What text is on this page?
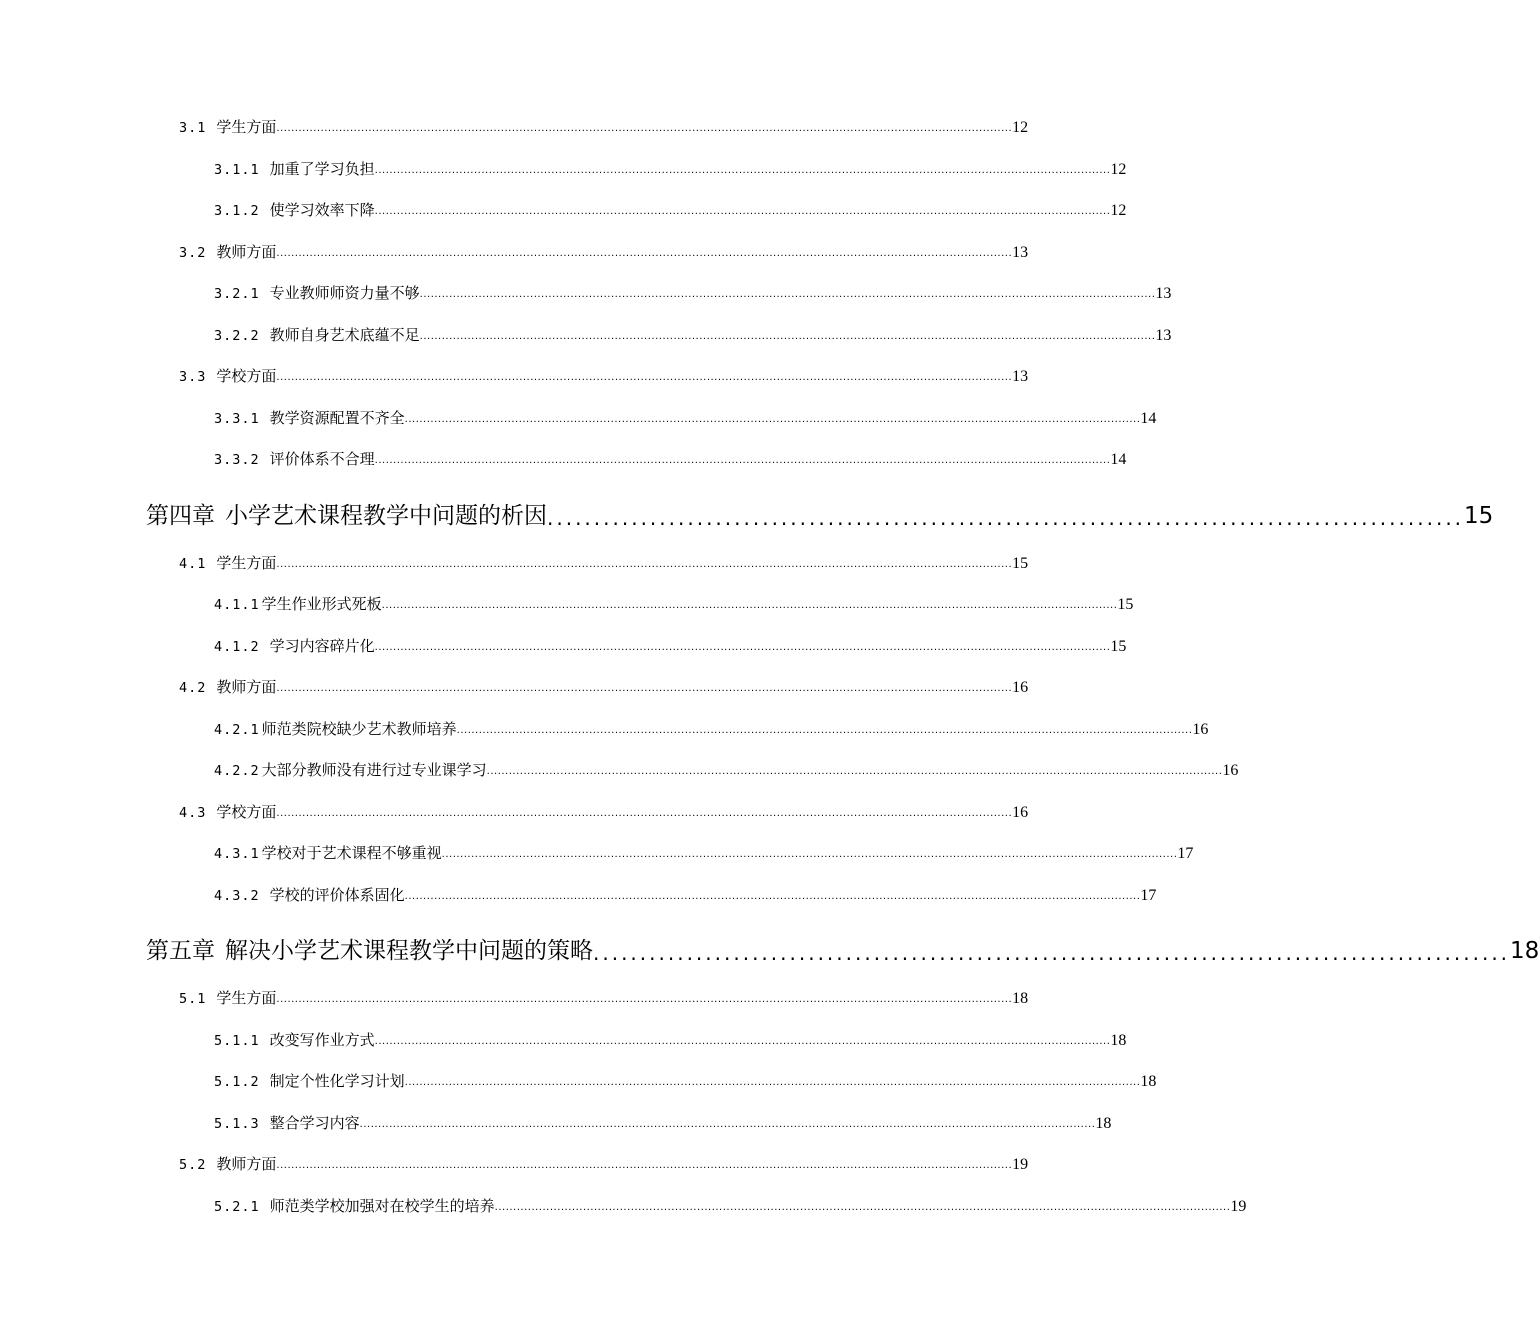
3.1 学生方面 ........................................................................................................................................................................................................ 12
3.1.1 加重了学习负担 ........................................................................................................................................................................................................ 12
3.1.2 使学习效率下降 ........................................................................................................................................................................................................ 12
3.2 教师方面 ........................................................................................................................................................................................................ 13
3.2.1 专业教师师资力量不够 ........................................................................................................................................................................................................ 13
3.2.2 教师自身艺术底蕴不足 ........................................................................................................................................................................................................ 13
3.3 学校方面 ........................................................................................................................................................................................................ 13
3.3.1 教学资源配置不齐全 ........................................................................................................................................................................................................ 14
3.3.2 评价体系不合理 ........................................................................................................................................................................................................ 14
第四章 小学艺术课程教学中问题的析因 .................................................................................................. 15
4.1 学生方面 ........................................................................................................................................................................................................ 15
4.1.1 学生作业形式死板 ........................................................................................................................................................................................................ 15
4.1.2 学习内容碎片化 ........................................................................................................................................................................................................ 15
4.2 教师方面 ........................................................................................................................................................................................................ 16
4.2.1 师范类院校缺少艺术教师培养 ........................................................................................................................................................................................................ 16
4.2.2 大部分教师没有进行过专业课学习 ........................................................................................................................................................................................................ 16
4.3 学校方面 ........................................................................................................................................................................................................ 16
4.3.1 学校对于艺术课程不够重视 ........................................................................................................................................................................................................ 17
4.3.2 学校的评价体系固化 ........................................................................................................................................................................................................ 17
第五章 解决小学艺术课程教学中问题的策略 .................................................................................................. 18
5.1 学生方面 ........................................................................................................................................................................................................ 18
5.1.1 改变写作业方式 ........................................................................................................................................................................................................ 18
5.1.2 制定个性化学习计划 ........................................................................................................................................................................................................ 18
5.1.3 整合学习内容 ........................................................................................................................................................................................................ 18
5.2 教师方面 ........................................................................................................................................................................................................ 19
5.2.1 师范类学校加强对在校学生的培养 ........................................................................................................................................................................................................ 19
